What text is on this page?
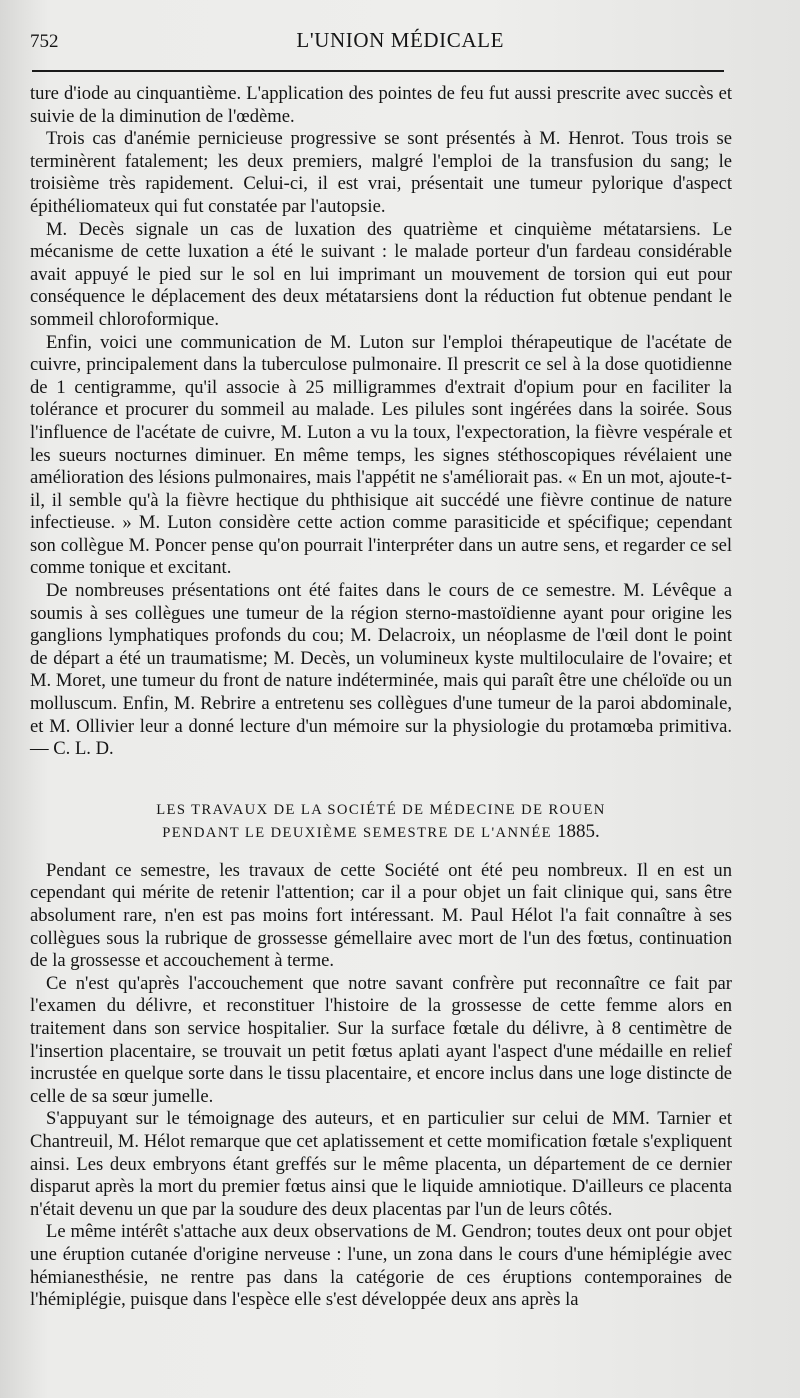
752	L'UNION MÉDICALE

ture d'iode au cinquantième. L'application des pointes de feu fut aussi prescrite avec succès et suivie de la diminution de l'œdème.

Trois cas d'anémie pernicieuse progressive se sont présentés à M. Henrot. Tous trois se terminèrent fatalement; les deux premiers, malgré l'emploi de la transfusion du sang; le troisième très rapidement. Celui-ci, il est vrai, présentait une tumeur pylorique d'aspect épithéliomateux qui fut constatée par l'autopsie.

M. Decès signale un cas de luxation des quatrième et cinquième métatarsiens. Le mécanisme de cette luxation a été le suivant : le malade porteur d'un fardeau considérable avait appuyé le pied sur le sol en lui imprimant un mouvement de torsion qui eut pour conséquence le déplacement des deux métatarsiens dont la réduction fut obtenue pendant le sommeil chloroformique.

Enfin, voici une communication de M. Luton sur l'emploi thérapeutique de l'acétate de cuivre, principalement dans la tuberculose pulmonaire. Il prescrit ce sel à la dose quotidienne de 1 centigramme, qu'il associe à 25 milligrammes d'extrait d'opium pour en faciliter la tolérance et procurer du sommeil au malade. Les pilules sont ingérées dans la soirée. Sous l'influence de l'acétate de cuivre, M. Luton a vu la toux, l'expectoration, la fièvre vespérale et les sueurs nocturnes diminuer. En même temps, les signes stéthoscopiques révélaient une amélioration des lésions pulmonaires, mais l'appétit ne s'améliorait pas. « En un mot, ajoute-t-il, il semble qu'à la fièvre hectique du phthisique ait succédé une fièvre continue de nature infectieuse. » M. Luton considère cette action comme parasiticide et spécifique; cependant son collègue M. Poncer pense qu'on pourrait l'interpréter dans un autre sens, et regarder ce sel comme tonique et excitant.

De nombreuses présentations ont été faites dans le cours de ce semestre. M. Lévêque a soumis à ses collègues une tumeur de la région sterno-mastoïdienne ayant pour origine les ganglions lymphatiques profonds du cou; M. Delacroix, un néoplasme de l'œil dont le point de départ a été un traumatisme; M. Decès, un volumineux kyste multiloculaire de l'ovaire; et M. Moret, une tumeur du front de nature indéterminée, mais qui paraît être une chéloïde ou un molluscum. Enfin, M. Rebrire a entretenu ses collègues d'une tumeur de la paroi abdominale, et M. Ollivier leur a donné lecture d'un mémoire sur la physiologie du protamœba primitiva. — C. L. D.

LES TRAVAUX DE LA SOCIÉTÉ DE MÉDECINE DE ROUEN
PENDANT LE DEUXIÈME SEMESTRE DE L'ANNÉE 1885.

Pendant ce semestre, les travaux de cette Société ont été peu nombreux. Il en est un cependant qui mérite de retenir l'attention; car il a pour objet un fait clinique qui, sans être absolument rare, n'en est pas moins fort intéressant. M. Paul Hélot l'a fait connaître à ses collègues sous la rubrique de grossesse gémellaire avec mort de l'un des fœtus, continuation de la grossesse et accouchement à terme.

Ce n'est qu'après l'accouchement que notre savant confrère put reconnaître ce fait par l'examen du délivre, et reconstituer l'histoire de la grossesse de cette femme alors en traitement dans son service hospitalier. Sur la surface fœtale du délivre, à 8 centimètre de l'insertion placentaire, se trouvait un petit fœtus aplati ayant l'aspect d'une médaille en relief incrustée en quelque sorte dans le tissu placentaire, et encore inclus dans une loge distincte de celle de sa sœur jumelle.

S'appuyant sur le témoignage des auteurs, et en particulier sur celui de MM. Tarnier et Chantreuil, M. Hélot remarque que cet aplatissement et cette momification fœtale s'expliquent ainsi. Les deux embryons étant greffés sur le même placenta, un département de ce dernier disparut après la mort du premier fœtus ainsi que le liquide amniotique. D'ailleurs ce placenta n'était devenu un que par la soudure des deux placentas par l'un de leurs côtés.

Le même intérêt s'attache aux deux observations de M. Gendron; toutes deux ont pour objet une éruption cutanée d'origine nerveuse : l'une, un zona dans le cours d'une hémiplégie avec hémianesthésie, ne rentre pas dans la catégorie de ces éruptions contemporaines de l'hémiplégie, puisque dans l'espèce elle s'est développée deux ans après la
